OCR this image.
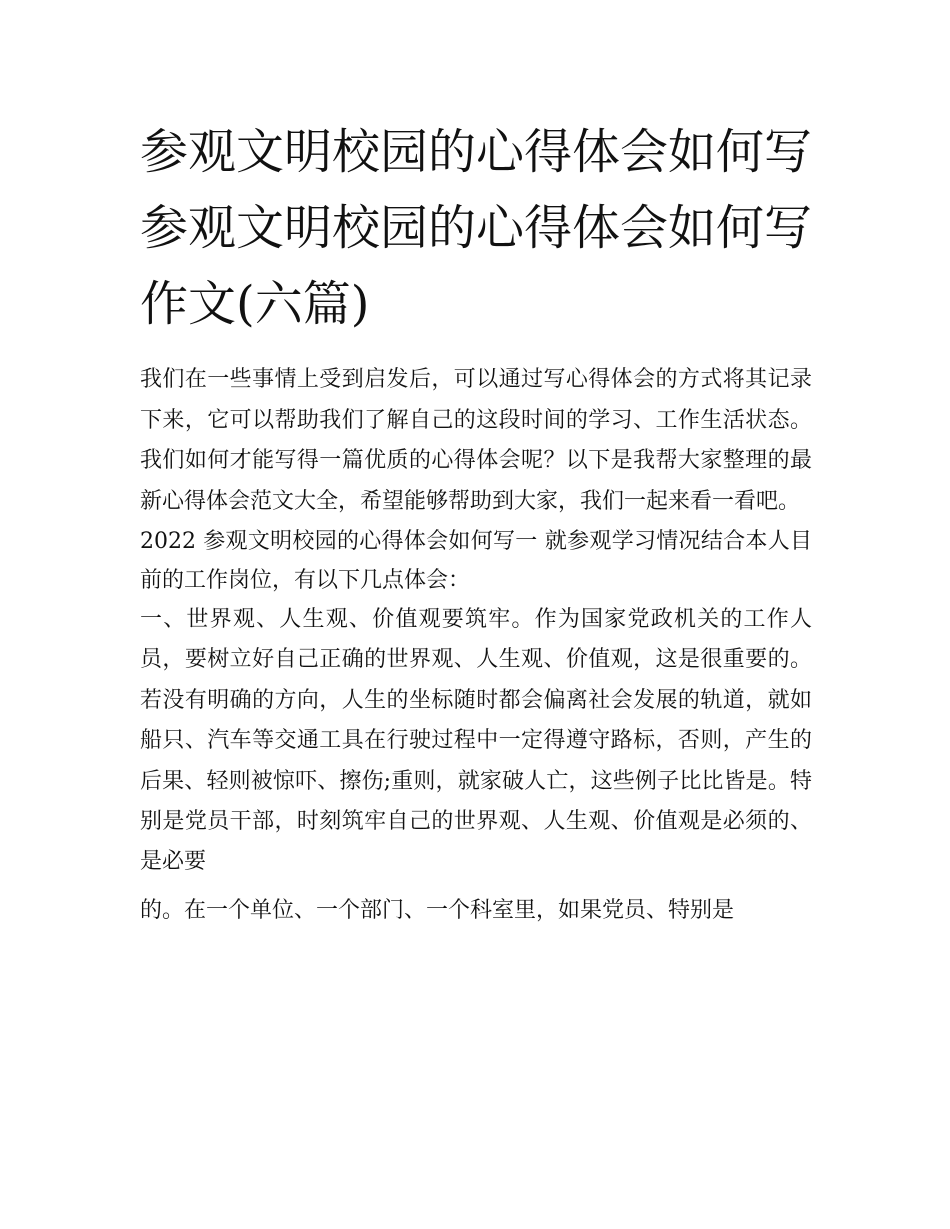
参观文明校园的心得体会如何写 参观文明校园的心得体会如何写作文(六篇)

我们在一些事情上受到启发后，可以通过写心得体会的方式将其记录下来，它可以帮助我们了解自己的这段时间的学习、工作生活状态。我们如何才能写得一篇优质的心得体会呢？以下是我帮大家整理的最新心得体会范文大全，希望能够帮助到大家，我们一起来看一看吧。

2022 参观文明校园的心得体会如何写一 就参观学习情况结合本人目前的工作岗位，有以下几点体会：

一、世界观、人生观、价值观要筑牢。作为国家党政机关的工作人员，要树立好自己正确的世界观、人生观、价值观，这是很重要的。若没有明确的方向，人生的坐标随时都会偏离社会发展的轨道，就如船只、汽车等交通工具在行驶过程中一定得遵守路标，否则，产生的后果、轻则被惊吓、擦伤;重则，就家破人亡，这些例子比比皆是。特别是党员干部，时刻筑牢自己的世界观、人生观、价值观是必须的、是必要

的。在一个单位、一个部门、一个科室里，如果党员、特别是
